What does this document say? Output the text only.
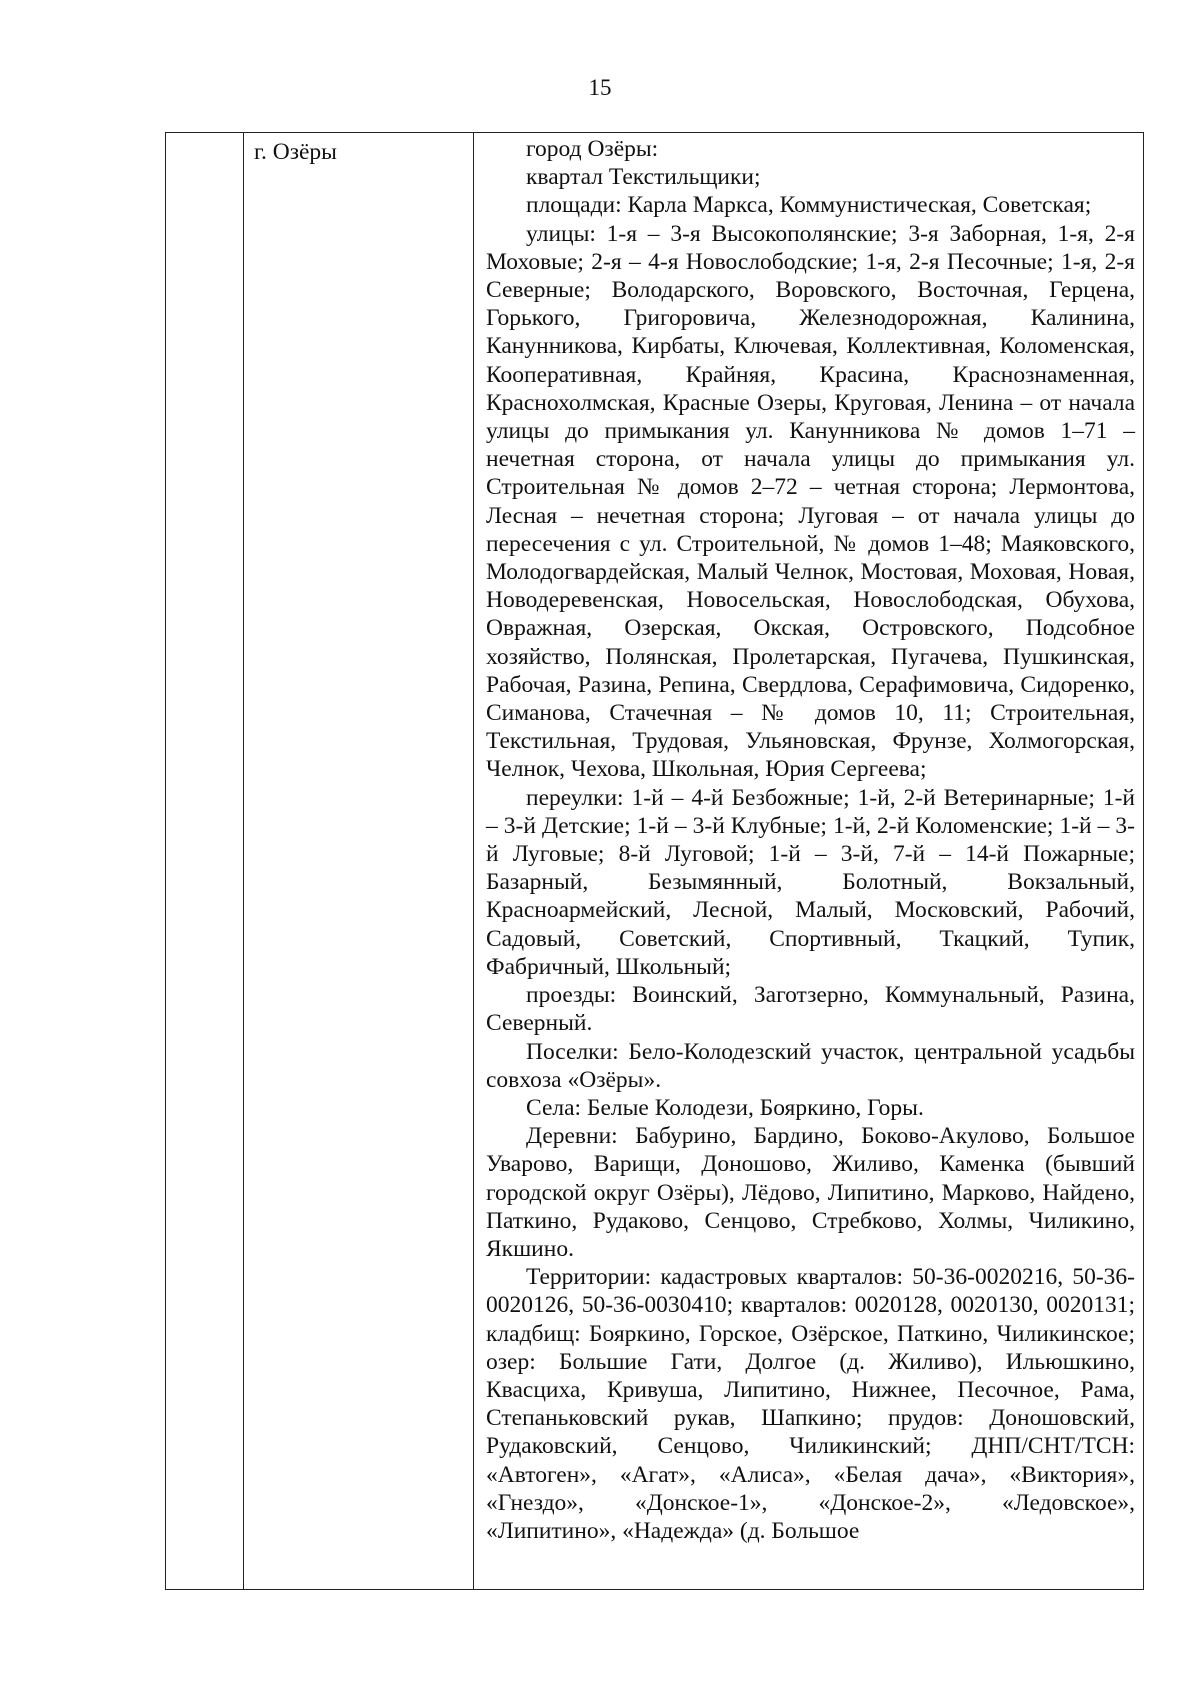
15
	г. Озёры	город Озёры:

квартал Текстильщики;

площади: Карла Маркса, Коммунистическая, Советская;

улицы: 1-я – 3-я Высокополянские; 3-я Заборная, 1-я, 2-я Моховые; 2-я – 4-я Новослободские; 1-я, 2-я Песочные; 1-я, 2-я Северные; Володарского, Воровского, Восточная, Герцена, Горького, Григоровича, Железнодорожная, Калинина, Канунникова, Кирбаты, Ключевая, Коллективная, Коломенская, Кооперативная, Крайняя, Красина, Краснознаменная, Краснохолмская, Красные Озеры, Круговая, Ленина – от начала улицы до примыкания ул. Канунникова № домов 1–71 – нечетная сторона, от начала улицы до примыкания ул. Строительная № домов 2–72 – четная сторона; Лермонтова, Лесная – нечетная сторона; Луговая – от начала улицы до пересечения с ул. Строительной, № домов 1–48; Маяковского, Молодогвардейская, Малый Челнок, Мостовая, Моховая, Новая, Новодеревенская, Новосельская, Новослободская, Обухова, Овражная, Озерская, Окская, Островского, Подсобное хозяйство, Полянская, Пролетарская, Пугачева, Пушкинская, Рабочая, Разина, Репина, Свердлова, Серафимовича, Сидоренко, Симанова, Стачечная – № домов 10, 11; Строительная, Текстильная, Трудовая, Ульяновская, Фрунзе, Холмогорская, Челнок, Чехова, Школьная, Юрия Сергеева;

переулки: 1-й – 4-й Безбожные; 1-й, 2-й Ветеринарные; 1-й – 3-й Детские; 1-й – 3-й Клубные; 1-й, 2-й Коломенские; 1-й – 3-й Луговые; 8-й Луговой; 1-й – 3-й, 7-й – 14-й Пожарные; Базарный, Безымянный, Болотный, Вокзальный, Красноармейский, Лесной, Малый, Московский, Рабочий, Садовый, Советский, Спортивный, Ткацкий, Тупик, Фабричный, Школьный;

проезды: Воинский, Заготзерно, Коммунальный, Разина, Северный.

Поселки: Бело-Колодезский участок, центральной усадьбы совхоза «Озёры».

Села: Белые Колодези, Бояркино, Горы.

Деревни: Бабурино, Бардино, Боково-Акулово, Большое Уварово, Варищи, Доношово, Жиливо, Каменка (бывший городской округ Озёры), Лёдово, Липитино, Марково, Найдено, Паткино, Рудаково, Сенцово, Стребково, Холмы, Чиликино, Якшино.

Территории: кадастровых кварталов: 50-36-0020216, 50-36-0020126, 50-36-0030410; кварталов: 0020128, 0020130, 0020131; кладбищ: Бояркино, Горское, Озёрское, Паткино, Чиликинское; озер: Большие Гати, Долгое (д. Жиливо), Ильюшкино, Квасциха, Кривуша, Липитино, Нижнее, Песочное, Рама, Степаньковский рукав, Шапкино; прудов: Доношовский, Рудаковский, Сенцово, Чиликинский; ДНП/СНТ/ТСН: «Автоген», «Агат», «Алиса», «Белая дача», «Виктория», «Гнездо», «Донское-1», «Донское-2», «Ледовское», «Липитино», «Надежда» (д. Большое
